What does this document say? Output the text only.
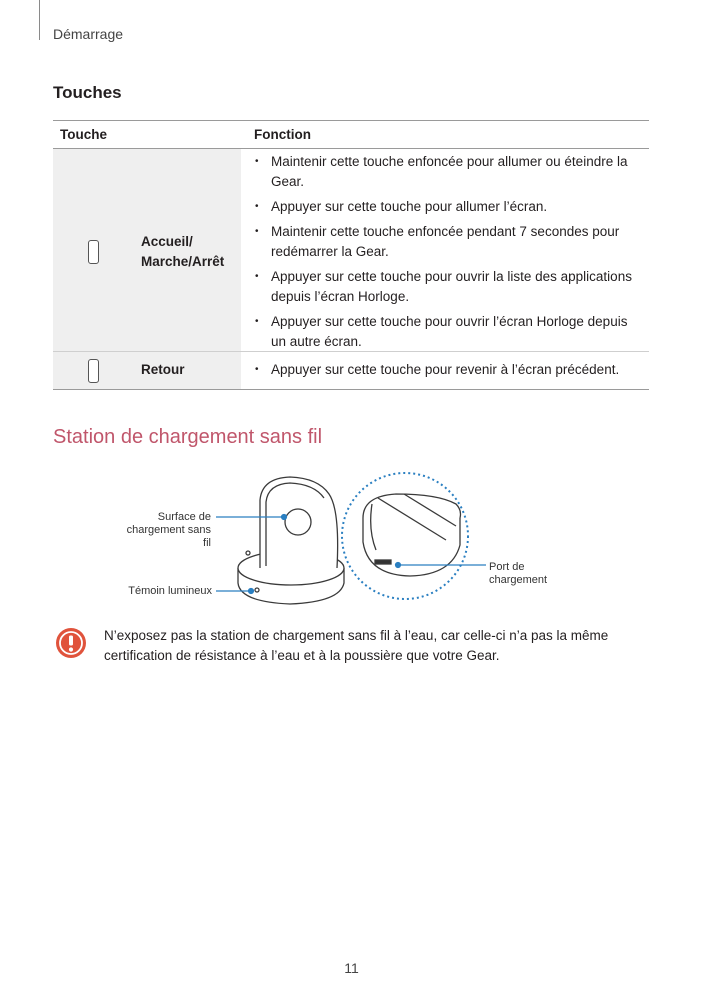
Démarrage
Touches
Touche	Fonction
Accueil/
Marche/Arrêt
• Maintenir cette touche enfoncée pour allumer ou éteindre la Gear.
• Appuyer sur cette touche pour allumer l’écran.
• Maintenir cette touche enfoncée pendant 7 secondes pour redémarrer la Gear.
• Appuyer sur cette touche pour ouvrir la liste des applications depuis l’écran Horloge.
• Appuyer sur cette touche pour ouvrir l’écran Horloge depuis un autre écran.
Retour
•	Appuyer sur cette touche pour revenir à l’écran précédent.
Station de chargement sans fil
Surface de
chargement sans
fil
Témoin lumineux
Port de
chargement
N’exposez pas la station de chargement sans fil à l’eau, car celle-ci n’a pas la même certification de résistance à l’eau et à la poussière que votre Gear.
11
